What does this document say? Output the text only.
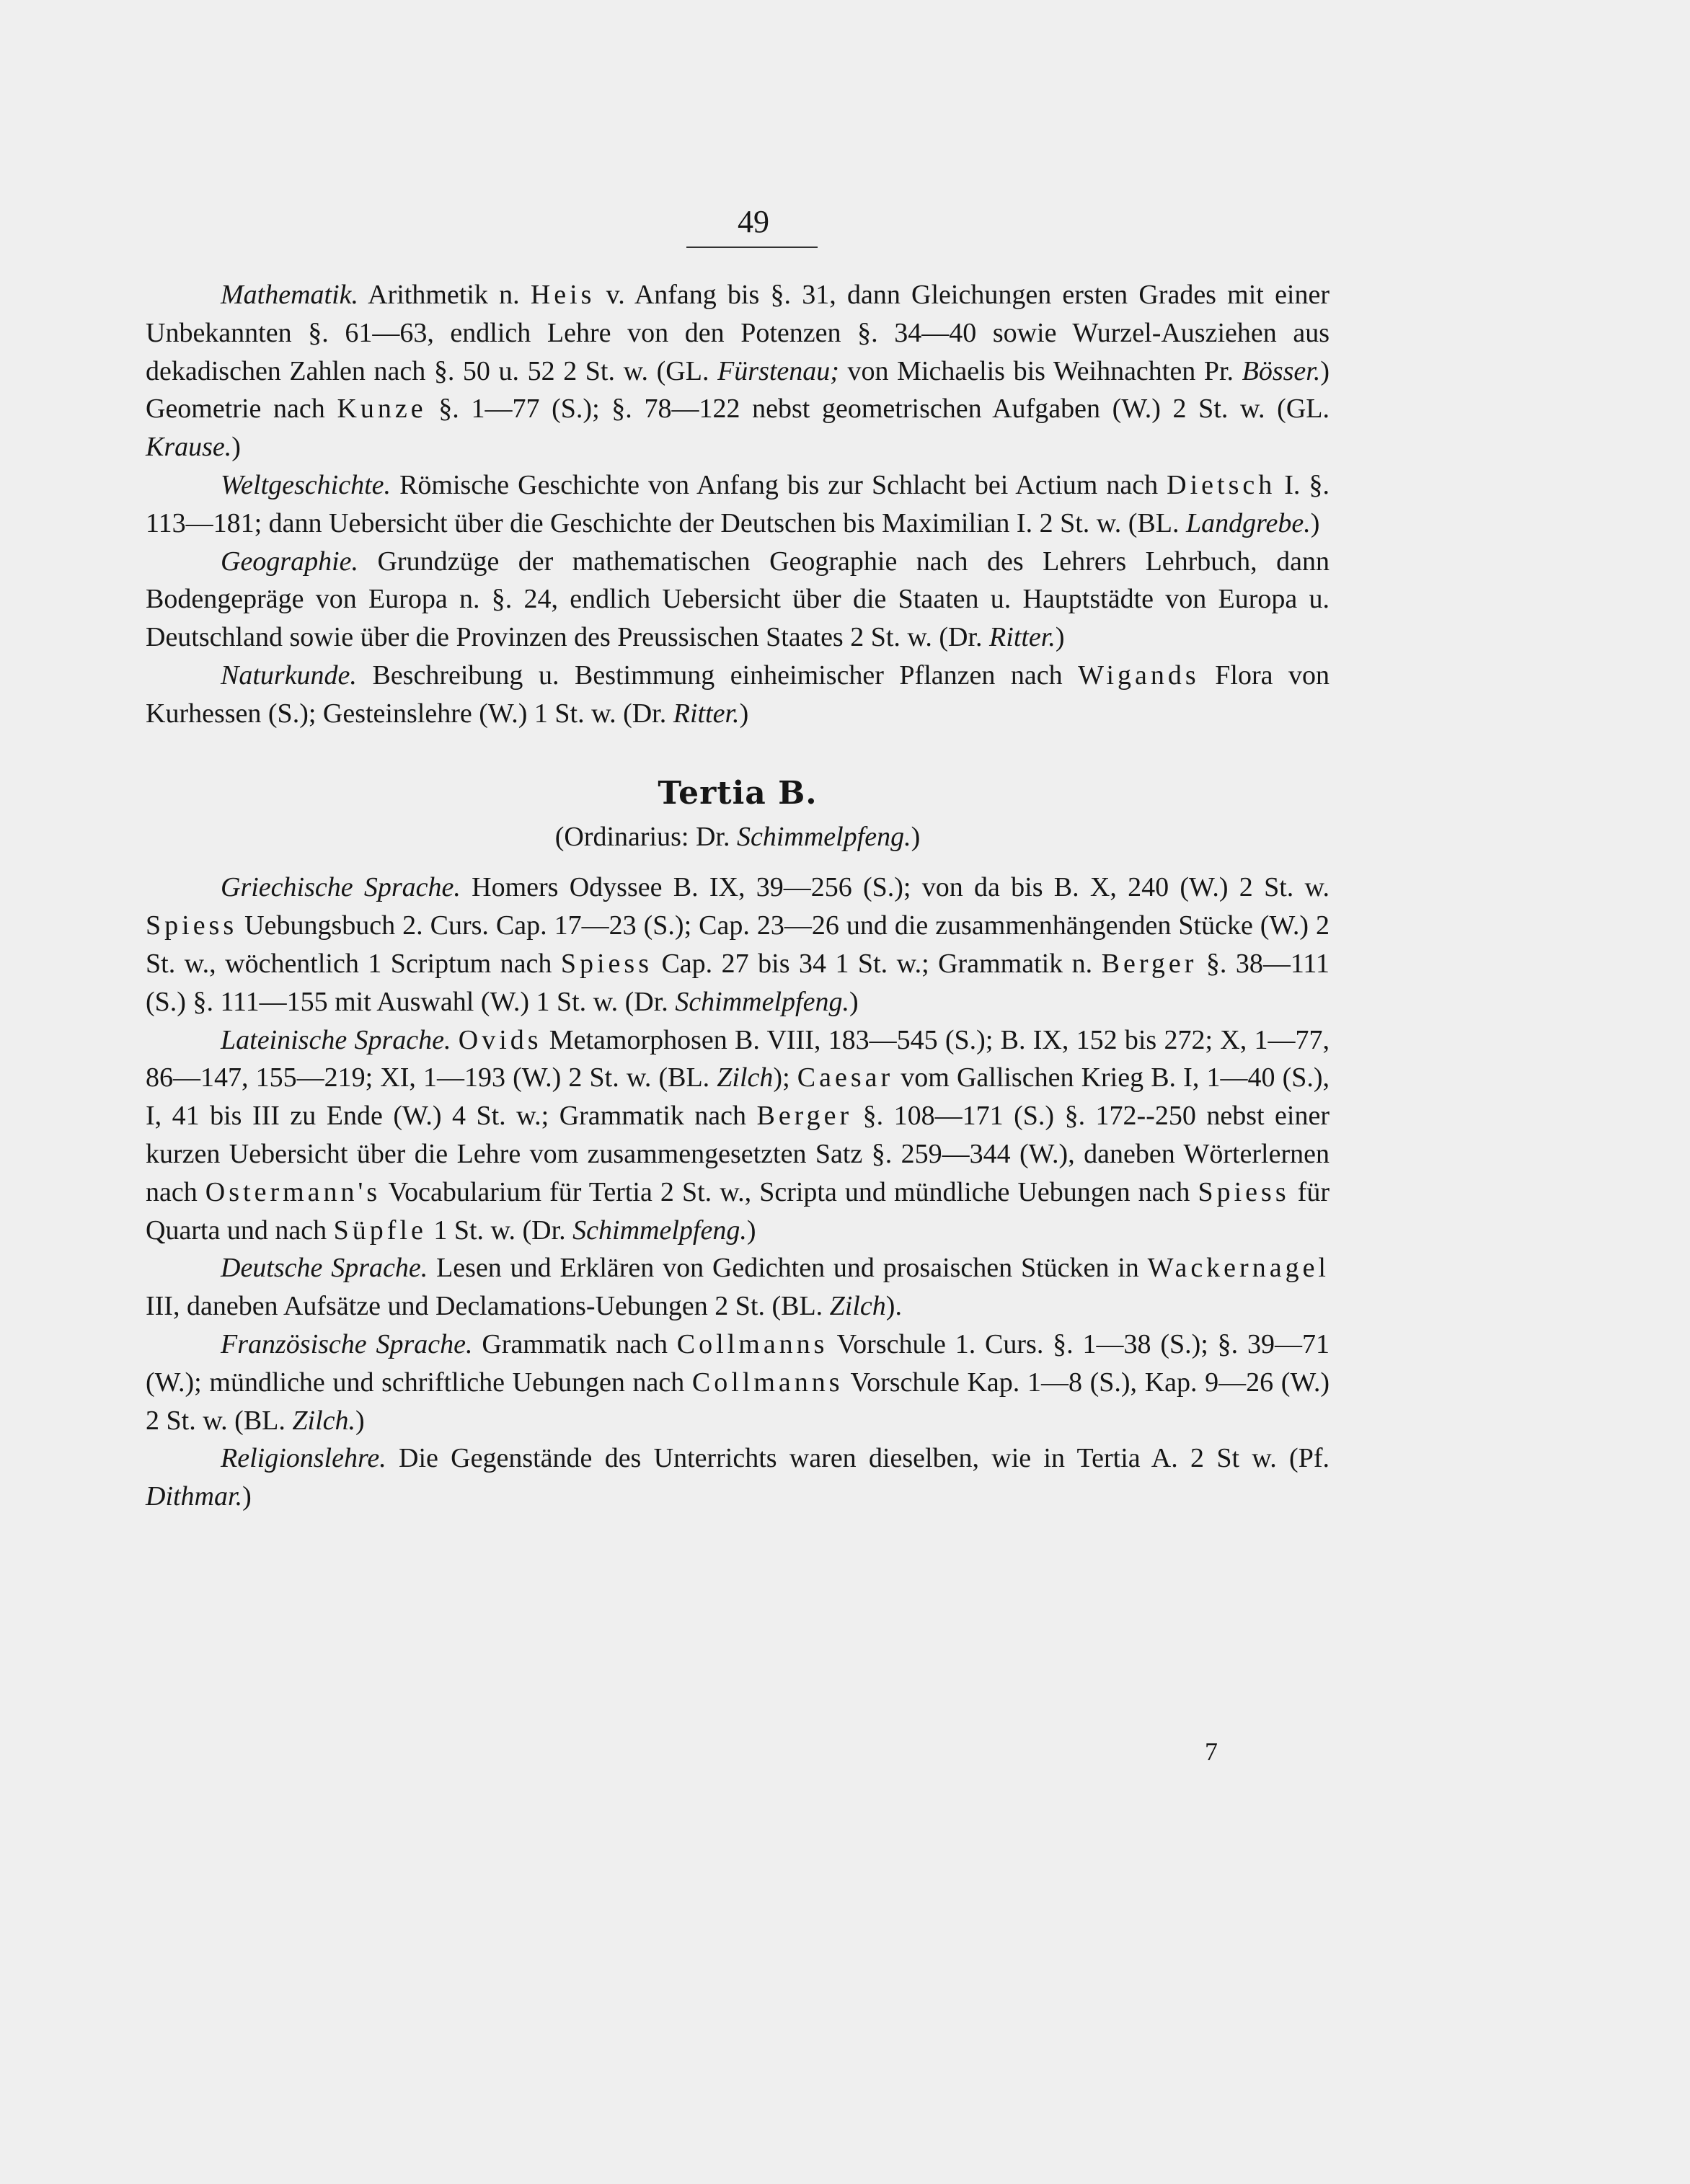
49

Mathematik. Arithmetik n. Heis v. Anfang bis §. 31, dann Gleichungen ersten Grades mit einer Unbekannten §. 61—63, endlich Lehre von den Potenzen §. 34—40 sowie Wurzel-Ausziehen aus dekadischen Zahlen nach §. 50 u. 52 2 St. w. (GL. Fürstenau; von Michaelis bis Weihnachten Pr. Bösser.) Geometrie nach Kunze §. 1—77 (S.); §. 78—122 nebst geometrischen Aufgaben (W.) 2 St. w. (GL. Krause.)

Weltgeschichte. Römische Geschichte von Anfang bis zur Schlacht bei Actium nach Dietsch I. §. 113—181; dann Uebersicht über die Geschichte der Deutschen bis Maximilian I. 2 St. w. (BL. Landgrebe.)

Geographie. Grundzüge der mathematischen Geographie nach des Lehrers Lehrbuch, dann Bodengepräge von Europa n. §. 24, endlich Uebersicht über die Staaten u. Hauptstädte von Europa u. Deutschland sowie über die Provinzen des Preussischen Staates 2 St. w. (Dr. Ritter.)

Naturkunde. Beschreibung u. Bestimmung einheimischer Pflanzen nach Wigands Flora von Kurhessen (S.); Gesteinslehre (W.) 1 St. w. (Dr. Ritter.)

Tertia B.
(Ordinarius: Dr. Schimmelpfeng.)

Griechische Sprache. Homers Odyssee B. IX, 39—256 (S.); von da bis B. X, 240 (W.) 2 St. w. Spiess Uebungsbuch 2. Curs. Cap. 17—23 (S.); Cap. 23—26 und die zusammenhängenden Stücke (W.) 2 St. w., wöchentlich 1 Scriptum nach Spiess Cap. 27 bis 34 1 St. w.; Grammatik n. Berger §. 38—111 (S.) §. 111—155 mit Auswahl (W.) 1 St. w. (Dr. Schimmelpfeng.)

Lateinische Sprache. Ovids Metamorphosen B. VIII, 183—545 (S.); B. IX, 152 bis 272; X, 1—77, 86—147, 155—219; XI, 1—193 (W.) 2 St. w. (BL. Zilch); Caesar vom Gallischen Krieg B. I, 1—40 (S.), I, 41 bis III zu Ende (W.) 4 St. w.; Grammatik nach Berger §. 108—171 (S.) §. 172--250 nebst einer kurzen Uebersicht über die Lehre vom zusammengesetzten Satz §. 259—344 (W.), daneben Wörterlernen nach Ostermann's Vocabularium für Tertia 2 St. w., Scripta und mündliche Uebungen nach Spiess für Quarta und nach Süpfle 1 St. w. (Dr. Schimmelpfeng.)

Deutsche Sprache. Lesen und Erklären von Gedichten und prosaischen Stücken in Wackernagel III, daneben Aufsätze und Declamations-Uebungen 2 St. (BL. Zilch).

Französische Sprache. Grammatik nach Collmanns Vorschule 1. Curs. §. 1—38 (S.); §. 39—71 (W.); mündliche und schriftliche Uebungen nach Collmanns Vorschule Kap. 1—8 (S.), Kap. 9—26 (W.) 2 St. w. (BL. Zilch.)

Religionslehre. Die Gegenstände des Unterrichts waren dieselben, wie in Tertia A. 2 St w. (Pf. Dithmar.)

7
